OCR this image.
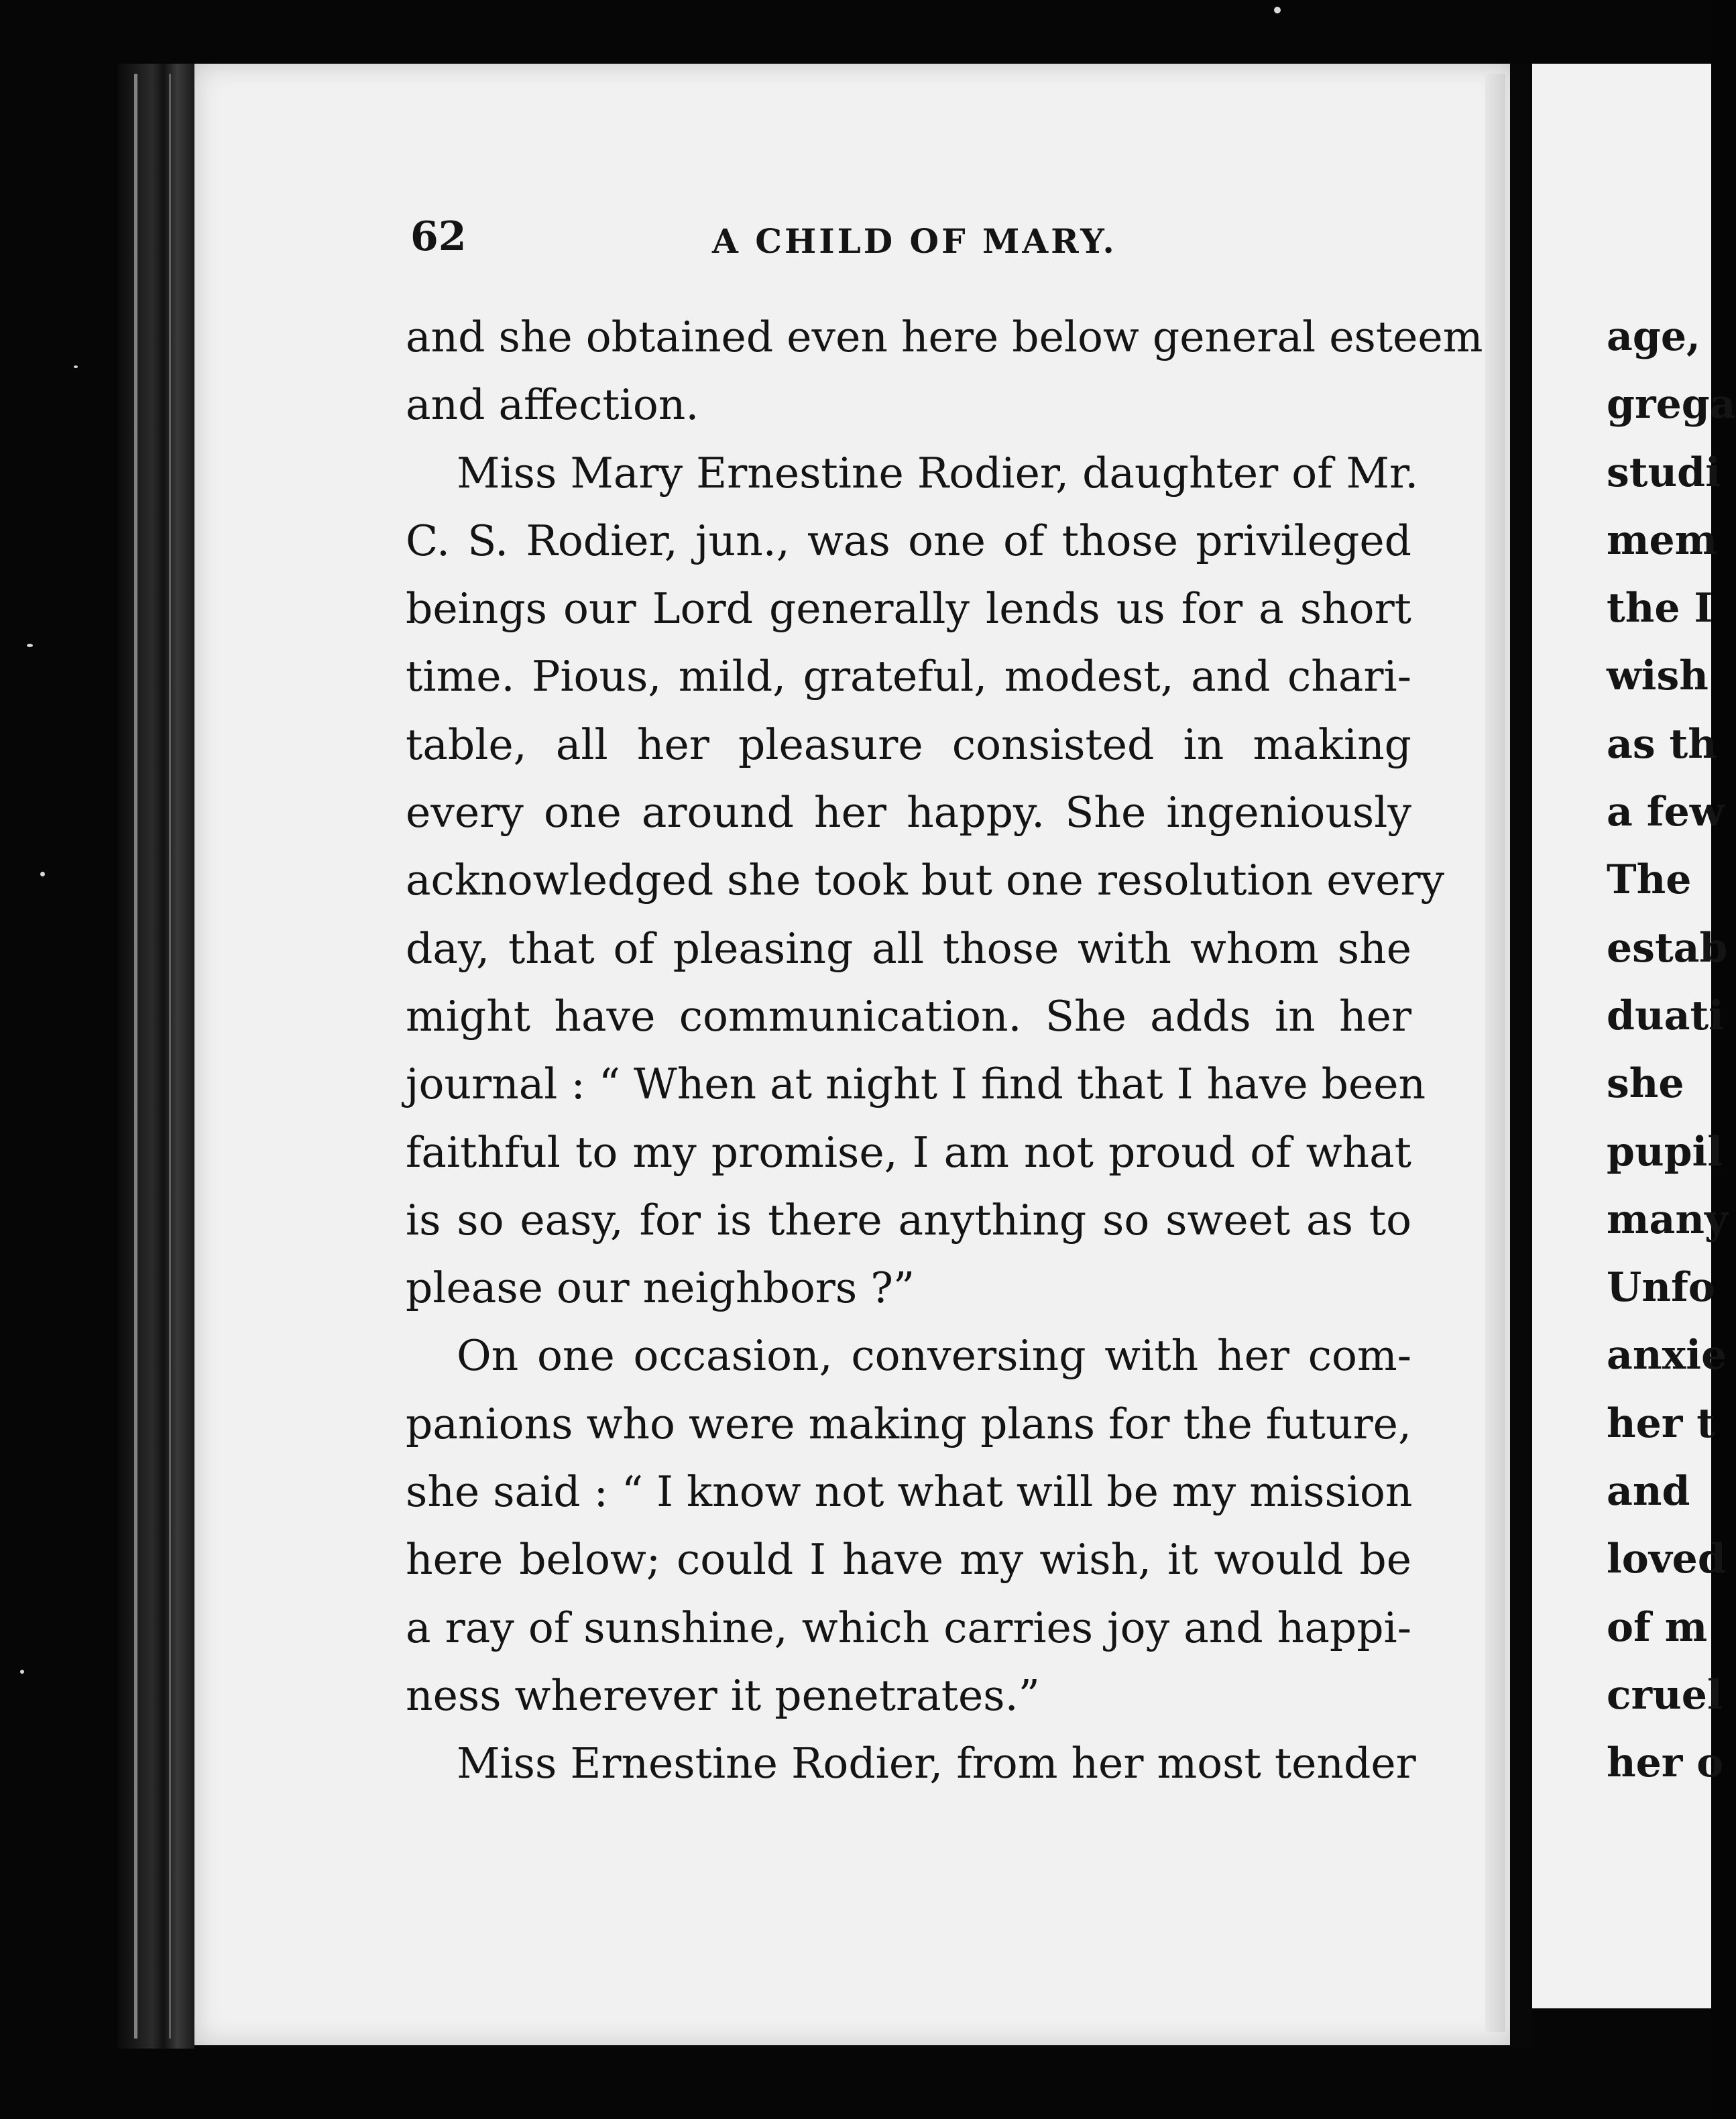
62	A CHILD OF MARY.
and she obtained even here below general esteem
and affection.
Miss Mary Ernestine Rodier, daughter of Mr.
C. S. Rodier, jun., was one of those privileged
beings our Lord generally lends us for a short
time. Pious, mild, grateful, modest, and chari-
table, all her pleasure consisted in making
every one around her happy. She ingeniously
acknowledged she took but one resolution every
day, that of pleasing all those with whom she
might have communication. She adds in her
journal : “ When at night I find that I have been
faithful to my promise, I am not proud of what
is so easy, for is there anything so sweet as to
please our neighbors ?”
On one occasion, conversing with her com-
panions who were making plans for the future,
she said : “ I know not what will be my mission
here below; could I have my wish, it would be
a ray of sunshine, which carries joy and happi-
ness wherever it penetrates.”
Miss Ernestine Rodier, from her most tender
age,
grega
studi
mem
the I
wish
as th
a few
The
estab
duati
she
pupil
many
Unfo
anxie
her t
and
loved
of m
cruel
her o
